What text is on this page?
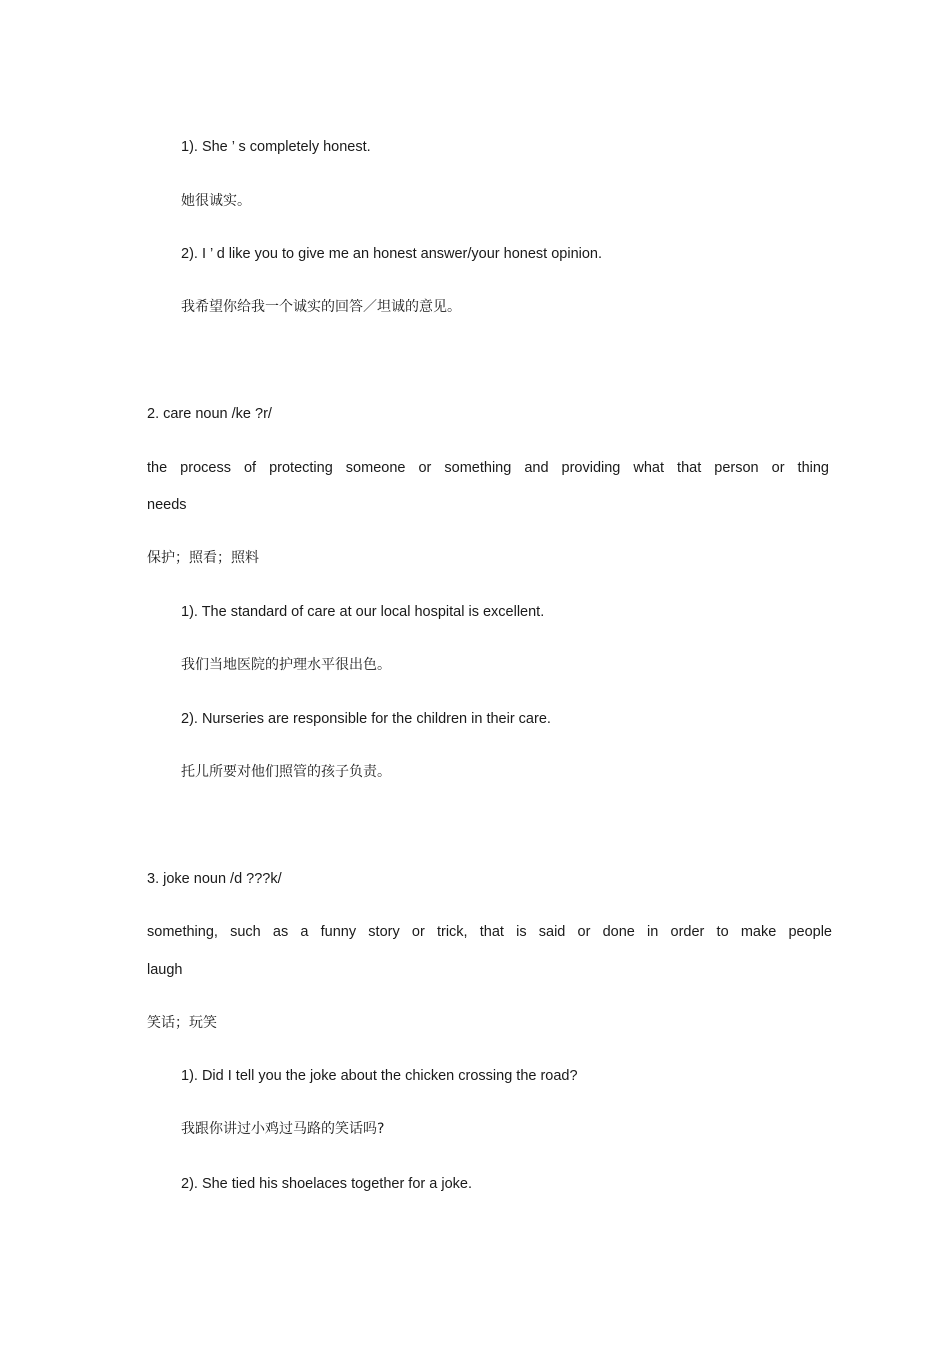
1). She ’ s completely honest.
她很诚实。
2). I ’ d like you to give me an honest answer/your honest opinion.
我希望你给我一个诚实的回答／坦诚的意见。
2. care noun /ke ?r/
the process of protecting someone or something and providing what that person or thing
needs
保护；照看；照料
1). The standard of care at our local hospital is excellent.
我们当地医院的护理水平很出色。
2). Nurseries are responsible for the children in their care.
托儿所要对他们照管的孩子负责。
3. joke noun /d ???k/
something, such as a funny story or trick, that is said or done in order to make people
laugh
笑话；玩笑
1). Did I tell you the joke about the chicken crossing the road?
我跟你讲过小鸡过马路的笑话吗?
2). She tied his shoelaces together for a joke.
